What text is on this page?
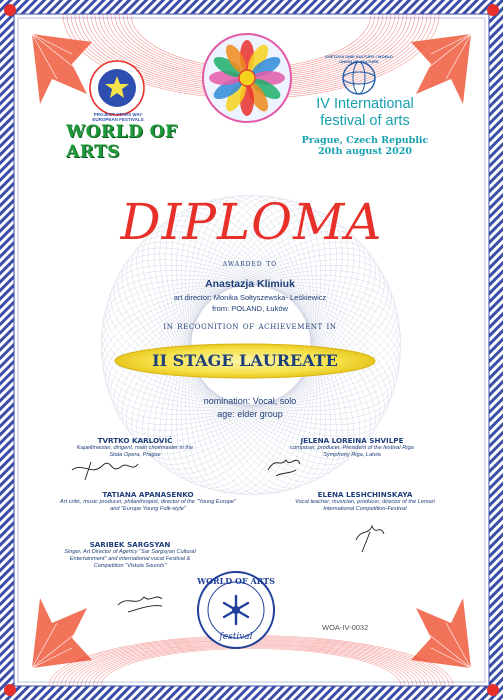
PROJECT STARS WAY EUROPEAN FESTIVALS
SVĚTOVÁ UNIE KULTURY / WORLD UNION OF CULTURE
WORLD OF ARTS
IV International
festival of arts
Prague, Czech Republic
20th august 2020
DIPLOMA
awarded to
Anastazja Klimiuk
art director: Monika Sołtyszewska- Leśkiewicz
from: POLAND, Łuków
in recognition of achievement in
II STAGE LAUREATE
nomination: Vocal, solo
age: elder group
TVRTKO KARLOVIĆ
Kapellmeister, dirigent, main choirmaster in the Stata Opera, Prague
JELENA LOREINA SHVILPE
composer, producer, President of the festival Riga Symphony Riga, Latvia
TATIANA APANASENKO
Art critic, music producer, philanthropist, director of the "Young Europe" and "Europe Young Folk-style"
ELENA LESHCHINSKAYA
Vocal teacher, musician, producer, director of the Lemari International Competition-Festival
SARIBEK SARGSYAN
Singer, Art Director of Agency "Sar Sargsyan Cultural Entertainment" and international vocal Festival & Competition "Vistula Sounds"
WORLD OF ARTS
festival
WOA-IV-0032
